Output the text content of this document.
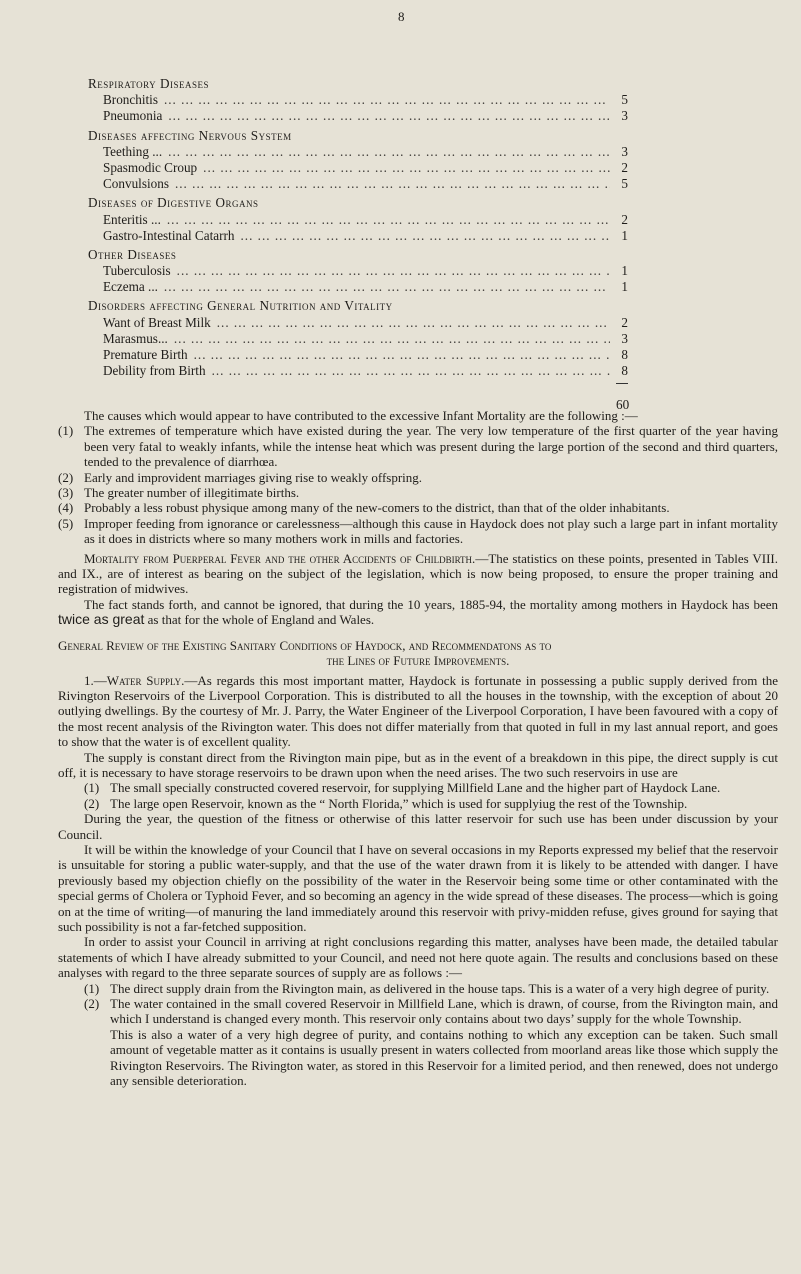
8
Respiratory Diseases
Bronchitis ... .	5
Pneumonia ... .	3
Diseases affecting Nervous System
Teething ... ... .	3
Spasmodic Croup ... .	2
Convulsions ... .	5
Diseases of Digestive Organs
Enteritis ... ... .	2
Gastro-Intestinal Catarrh ... .	1
Other Diseases
Tuberculosis ... .	1
Eczema ... ... .	1
Disorders affecting General Nutrition and Vitality
Want of Breast Milk ... .	2
Marasmus... ... .	3
Premature Birth ... .	8
Debility from Birth ... .	8
60

The causes which would appear to have contributed to the excessive Infant Mortality are the following :—

(1) The extremes of temperature which have existed during the year. The very low temperature of the first quarter of the year having been very fatal to weakly infants, while the intense heat which was present during the large portion of the second and third quarters, tended to the prevalence of diarrhœa.
(2) Early and improvident marriages giving rise to weakly offspring.
(3) The greater number of illegitimate births.
(4) Probably a less robust physique among many of the new-comers to the district, than that of the older inhabitants.
(5) Improper feeding from ignorance or carelessness—although this cause in Haydock does not play such a large part in infant mortality as it does in districts where so many mothers work in mills and factories.

Mortality from Puerperal Fever and the other Accidents of Childbirth.—The statistics on these points, presented in Tables VIII. and IX., are of interest as bearing on the subject of the legislation, which is now being proposed, to ensure the proper training and registration of midwives.

The fact stands forth, and cannot be ignored, that during the 10 years, 1885-94, the mortality among mothers in Haydock has been twice as great as that for the whole of England and Wales.

General Review of the Existing Sanitary Conditions of Haydock, and Recommendatons as to

the Lines of Future Improvements.

1.—Water Supply.—As regards this most important matter, Haydock is fortunate in possessing a public supply derived from the Rivington Reservoirs of the Liverpool Corporation. This is distributed to all the houses in the township, with the exception of about 20 outlying dwellings. By the courtesy of Mr. J. Parry, the Water Engineer of the Liverpool Corporation, I have been favoured with a copy of the most recent analysis of the Rivington water. This does not differ materially from that quoted in full in my last annual report, and goes to show that the water is of excellent quality.

The supply is constant direct from the Rivington main pipe, but as in the event of a breakdown in this pipe, the direct supply is cut off, it is necessary to have storage reservoirs to be drawn upon when the need arises. The two such reservoirs in use are

(1) The small specially constructed covered reservoir, for supplying Millfield Lane and the higher part of Haydock Lane.
(2) The large open Reservoir, known as the “ North Florida,” which is used for supplyiug the rest of the Township.

During the year, the question of the fitness or otherwise of this latter reservoir for such use has been under discussion by your Council.

It will be within the knowledge of your Council that I have on several occasions in my Reports expressed my belief that the reservoir is unsuitable for storing a public water-supply, and that the use of the water drawn from it is likely to be attended with danger. I have previously based my objection chiefly on the possibility of the water in the Reservoir being some time or other contaminated with the special germs of Cholera or Typhoid Fever, and so becoming an agency in the wide spread of these diseases. The process—which is going on at the time of writing—of manuring the land immediately around this reservoir with privy-midden refuse, gives ground for saying that such possibility is not a far-fetched supposition.

In order to assist your Council in arriving at right conclusions regarding this matter, analyses have been made, the detailed tabular statements of which I have already submitted to your Council, and need not here quote again. The results and conclusions based on these analyses with regard to the three separate sources of supply are as follows :—

(1) The direct supply drain from the Rivington main, as delivered in the house taps. This is a water of a very high degree of purity.
(2) The water contained in the small covered Reservoir in Millfield Lane, which is drawn, of course, from the Rivington main, and which I understand is changed every month. This reservoir only contains about two days’ supply for the whole Township.

This is also a water of a very high degree of purity, and contains nothing to which any exception can be taken. Such small amount of vegetable matter as it contains is usually present in waters collected from moorland areas like those which supply the Rivington Reservoirs. The Rivington water, as stored in this Reservoir for a limited period, and then renewed, does not undergo any sensible deterioration.
